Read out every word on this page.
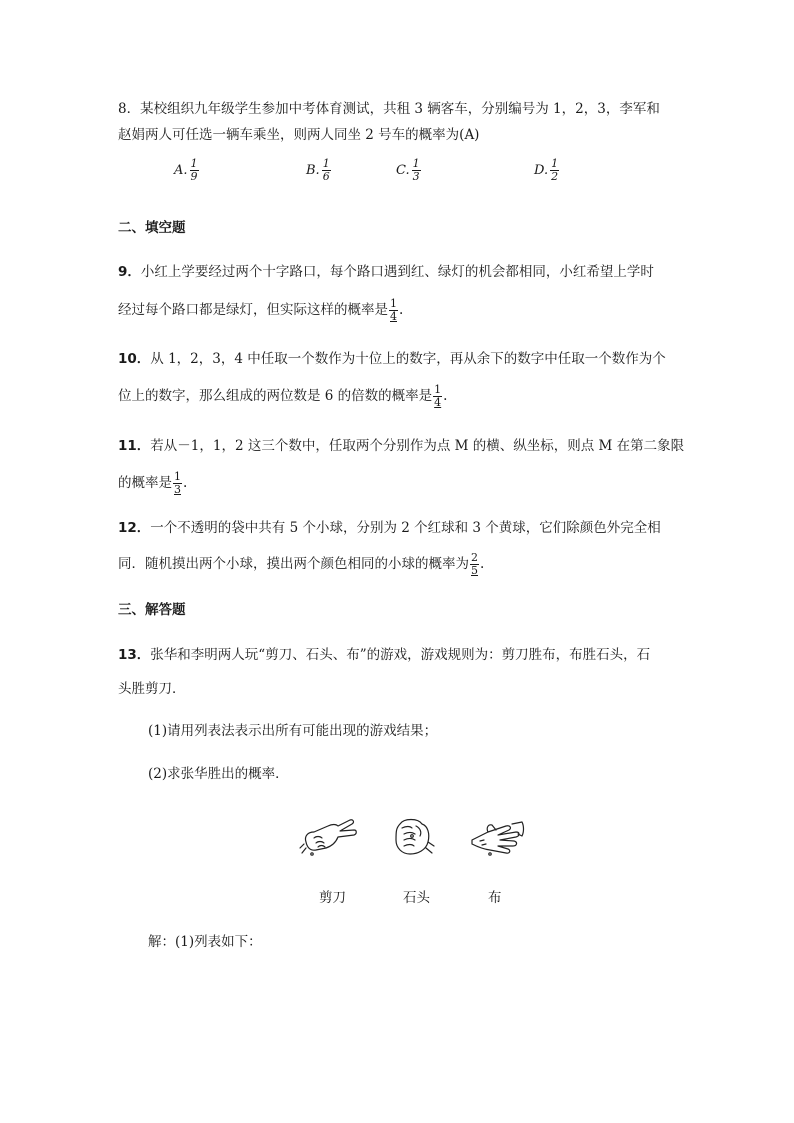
8．某校组织九年级学生参加中考体育测试，共租 3 辆客车，分别编号为 1，2，3，李军和
赵娟两人可任选一辆车乘坐，则两人同坐 2 号车的概率为(A)
A. $\frac{1}{9}$	B. $\frac{1}{6}$	C. $\frac{1}{3}$	D. $\frac{1}{2}$
二、填空题
9．小红上学要经过两个十字路口，每个路口遇到红、绿灯的机会都相同，小红希望上学时
经过每个路口都是绿灯，但实际这样的概率是 $\frac{1}{4}$ .
10．从 1，2，3，4 中任取一个数作为十位上的数字，再从余下的数字中任取一个数作为个
位上的数字，那么组成的两位数是 6 的倍数的概率是 $\frac{1}{4}$ .
11．若从－1，1，2 这三个数中，任取两个分别作为点 M 的横、纵坐标，则点 M 在第二象限
的概率是 $\frac{1}{3}$ .
12．一个不透明的袋中共有 5 个小球，分别为 2 个红球和 3 个黄球，它们除颜色外完全相
同．随机摸出两个小球，摸出两个颜色相同的小球的概率为 $\frac{2}{5}$ .
三、解答题
13．张华和李明两人玩“剪刀、石头、布”的游戏，游戏规则为：剪刀胜布，布胜石头，石
头胜剪刀．
(1)请用列表法表示出所有可能出现的游戏结果；
(2)求张华胜出的概率．
剪刀	石头	布
解：(1)列表如下：
